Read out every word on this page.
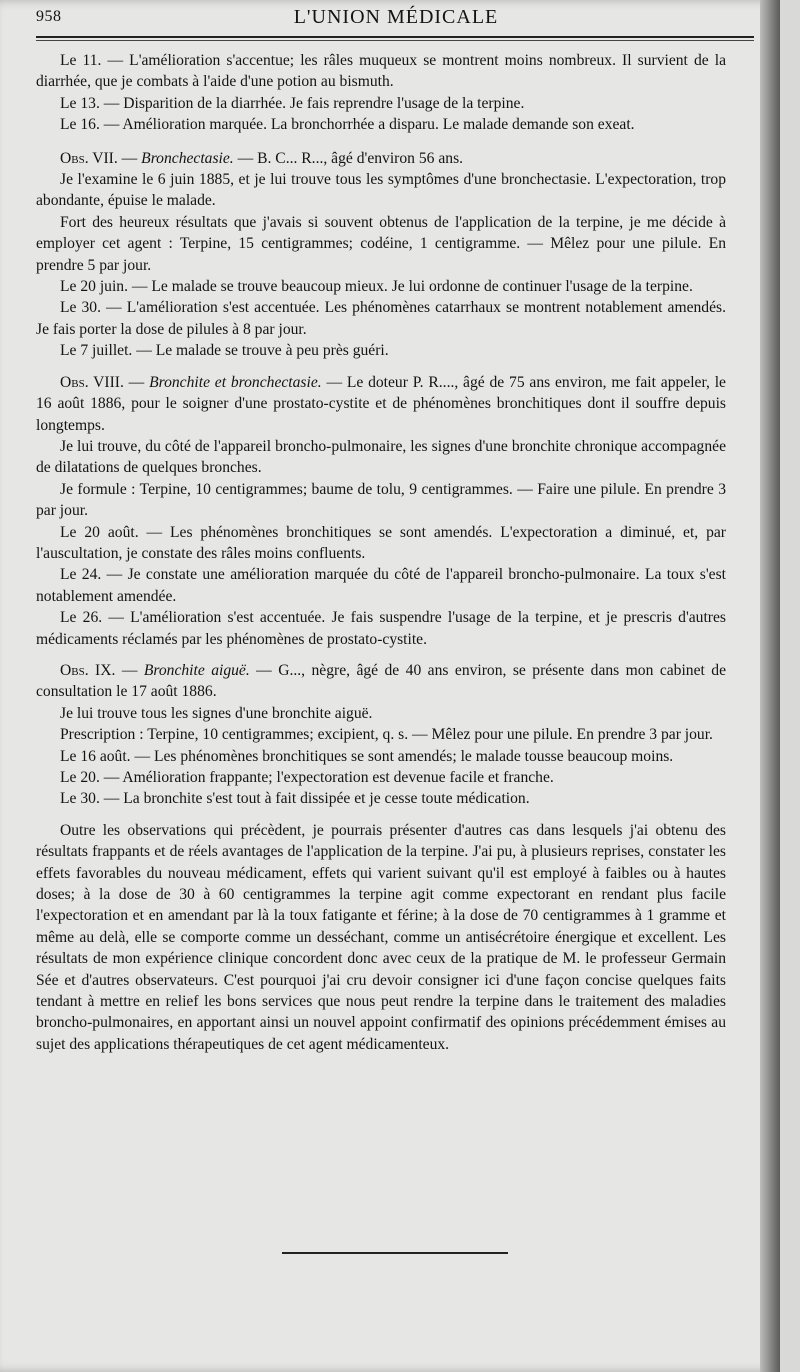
958	L'UNION MÉDICALE

Le 11. — L'amélioration s'accentue; les râles muqueux se montrent moins nombreux. Il survient de la diarrhée, que je combats à l'aide d'une potion au bismuth.

Le 13. — Disparition de la diarrhée. Je fais reprendre l'usage de la terpine.

Le 16. — Amélioration marquée. La bronchorrhée a disparu. Le malade demande son exeat.

Obs. VII. — Bronchectasie. — B. C... R..., âgé d'environ 56 ans.

Je l'examine le 6 juin 1885, et je lui trouve tous les symptômes d'une bronchectasie. L'expectoration, trop abondante, épuise le malade.

Fort des heureux résultats que j'avais si souvent obtenus de l'application de la terpine, je me décide à employer cet agent : Terpine, 15 centigrammes; codéine, 1 centigramme. — Mêlez pour une pilule. En prendre 5 par jour.

Le 20 juin. — Le malade se trouve beaucoup mieux. Je lui ordonne de continuer l'usage de la terpine.

Le 30. — L'amélioration s'est accentuée. Les phénomènes catarrhaux se montrent notablement amendés. Je fais porter la dose de pilules à 8 par jour.

Le 7 juillet. — Le malade se trouve à peu près guéri.

Obs. VIII. — Bronchite et bronchectasie. — Le doteur P. R...., âgé de 75 ans environ, me fait appeler, le 16 août 1886, pour le soigner d'une prostato-cystite et de phénomènes bronchitiques dont il souffre depuis longtemps.

Je lui trouve, du côté de l'appareil broncho-pulmonaire, les signes d'une bronchite chronique accompagnée de dilatations de quelques bronches.

Je formule : Terpine, 10 centigrammes; baume de tolu, 9 centigrammes. — Faire une pilule. En prendre 3 par jour.

Le 20 août. — Les phénomènes bronchitiques se sont amendés. L'expectoration a diminué, et, par l'auscultation, je constate des râles moins confluents.

Le 24. — Je constate une amélioration marquée du côté de l'appareil broncho-pulmonaire. La toux s'est notablement amendée.

Le 26. — L'amélioration s'est accentuée. Je fais suspendre l'usage de la terpine, et je prescris d'autres médicaments réclamés par les phénomènes de prostato-cystite.

Obs. IX. — Bronchite aiguë. — G..., nègre, âgé de 40 ans environ, se présente dans mon cabinet de consultation le 17 août 1886.

Je lui trouve tous les signes d'une bronchite aiguë.

Prescription : Terpine, 10 centigrammes; excipient, q. s. — Mêlez pour une pilule. En prendre 3 par jour.

Le 16 août. — Les phénomènes bronchitiques se sont amendés; le malade tousse beaucoup moins.

Le 20. — Amélioration frappante; l'expectoration est devenue facile et franche.

Le 30. — La bronchite s'est tout à fait dissipée et je cesse toute médication.

Outre les observations qui précèdent, je pourrais présenter d'autres cas dans lesquels j'ai obtenu des résultats frappants et de réels avantages de l'application de la terpine. J'ai pu, à plusieurs reprises, constater les effets favorables du nouveau médicament, effets qui varient suivant qu'il est employé à faibles ou à hautes doses; à la dose de 30 à 60 centigrammes la terpine agit comme expectorant en rendant plus facile l'expectoration et en amendant par là la toux fatigante et férine; à la dose de 70 centigrammes à 1 gramme et même au delà, elle se comporte comme un desséchant, comme un antisécrétoire énergique et excellent. Les résultats de mon expérience clinique concordent donc avec ceux de la pratique de M. le professeur Germain Sée et d'autres observateurs. C'est pourquoi j'ai cru devoir consigner ici d'une façon concise quelques faits tendant à mettre en relief les bons services que nous peut rendre la terpine dans le traitement des maladies broncho-pulmonaires, en apportant ainsi un nouvel appoint confirmatif des opinions précédemment émises au sujet des applications thérapeutiques de cet agent médicamenteux.
